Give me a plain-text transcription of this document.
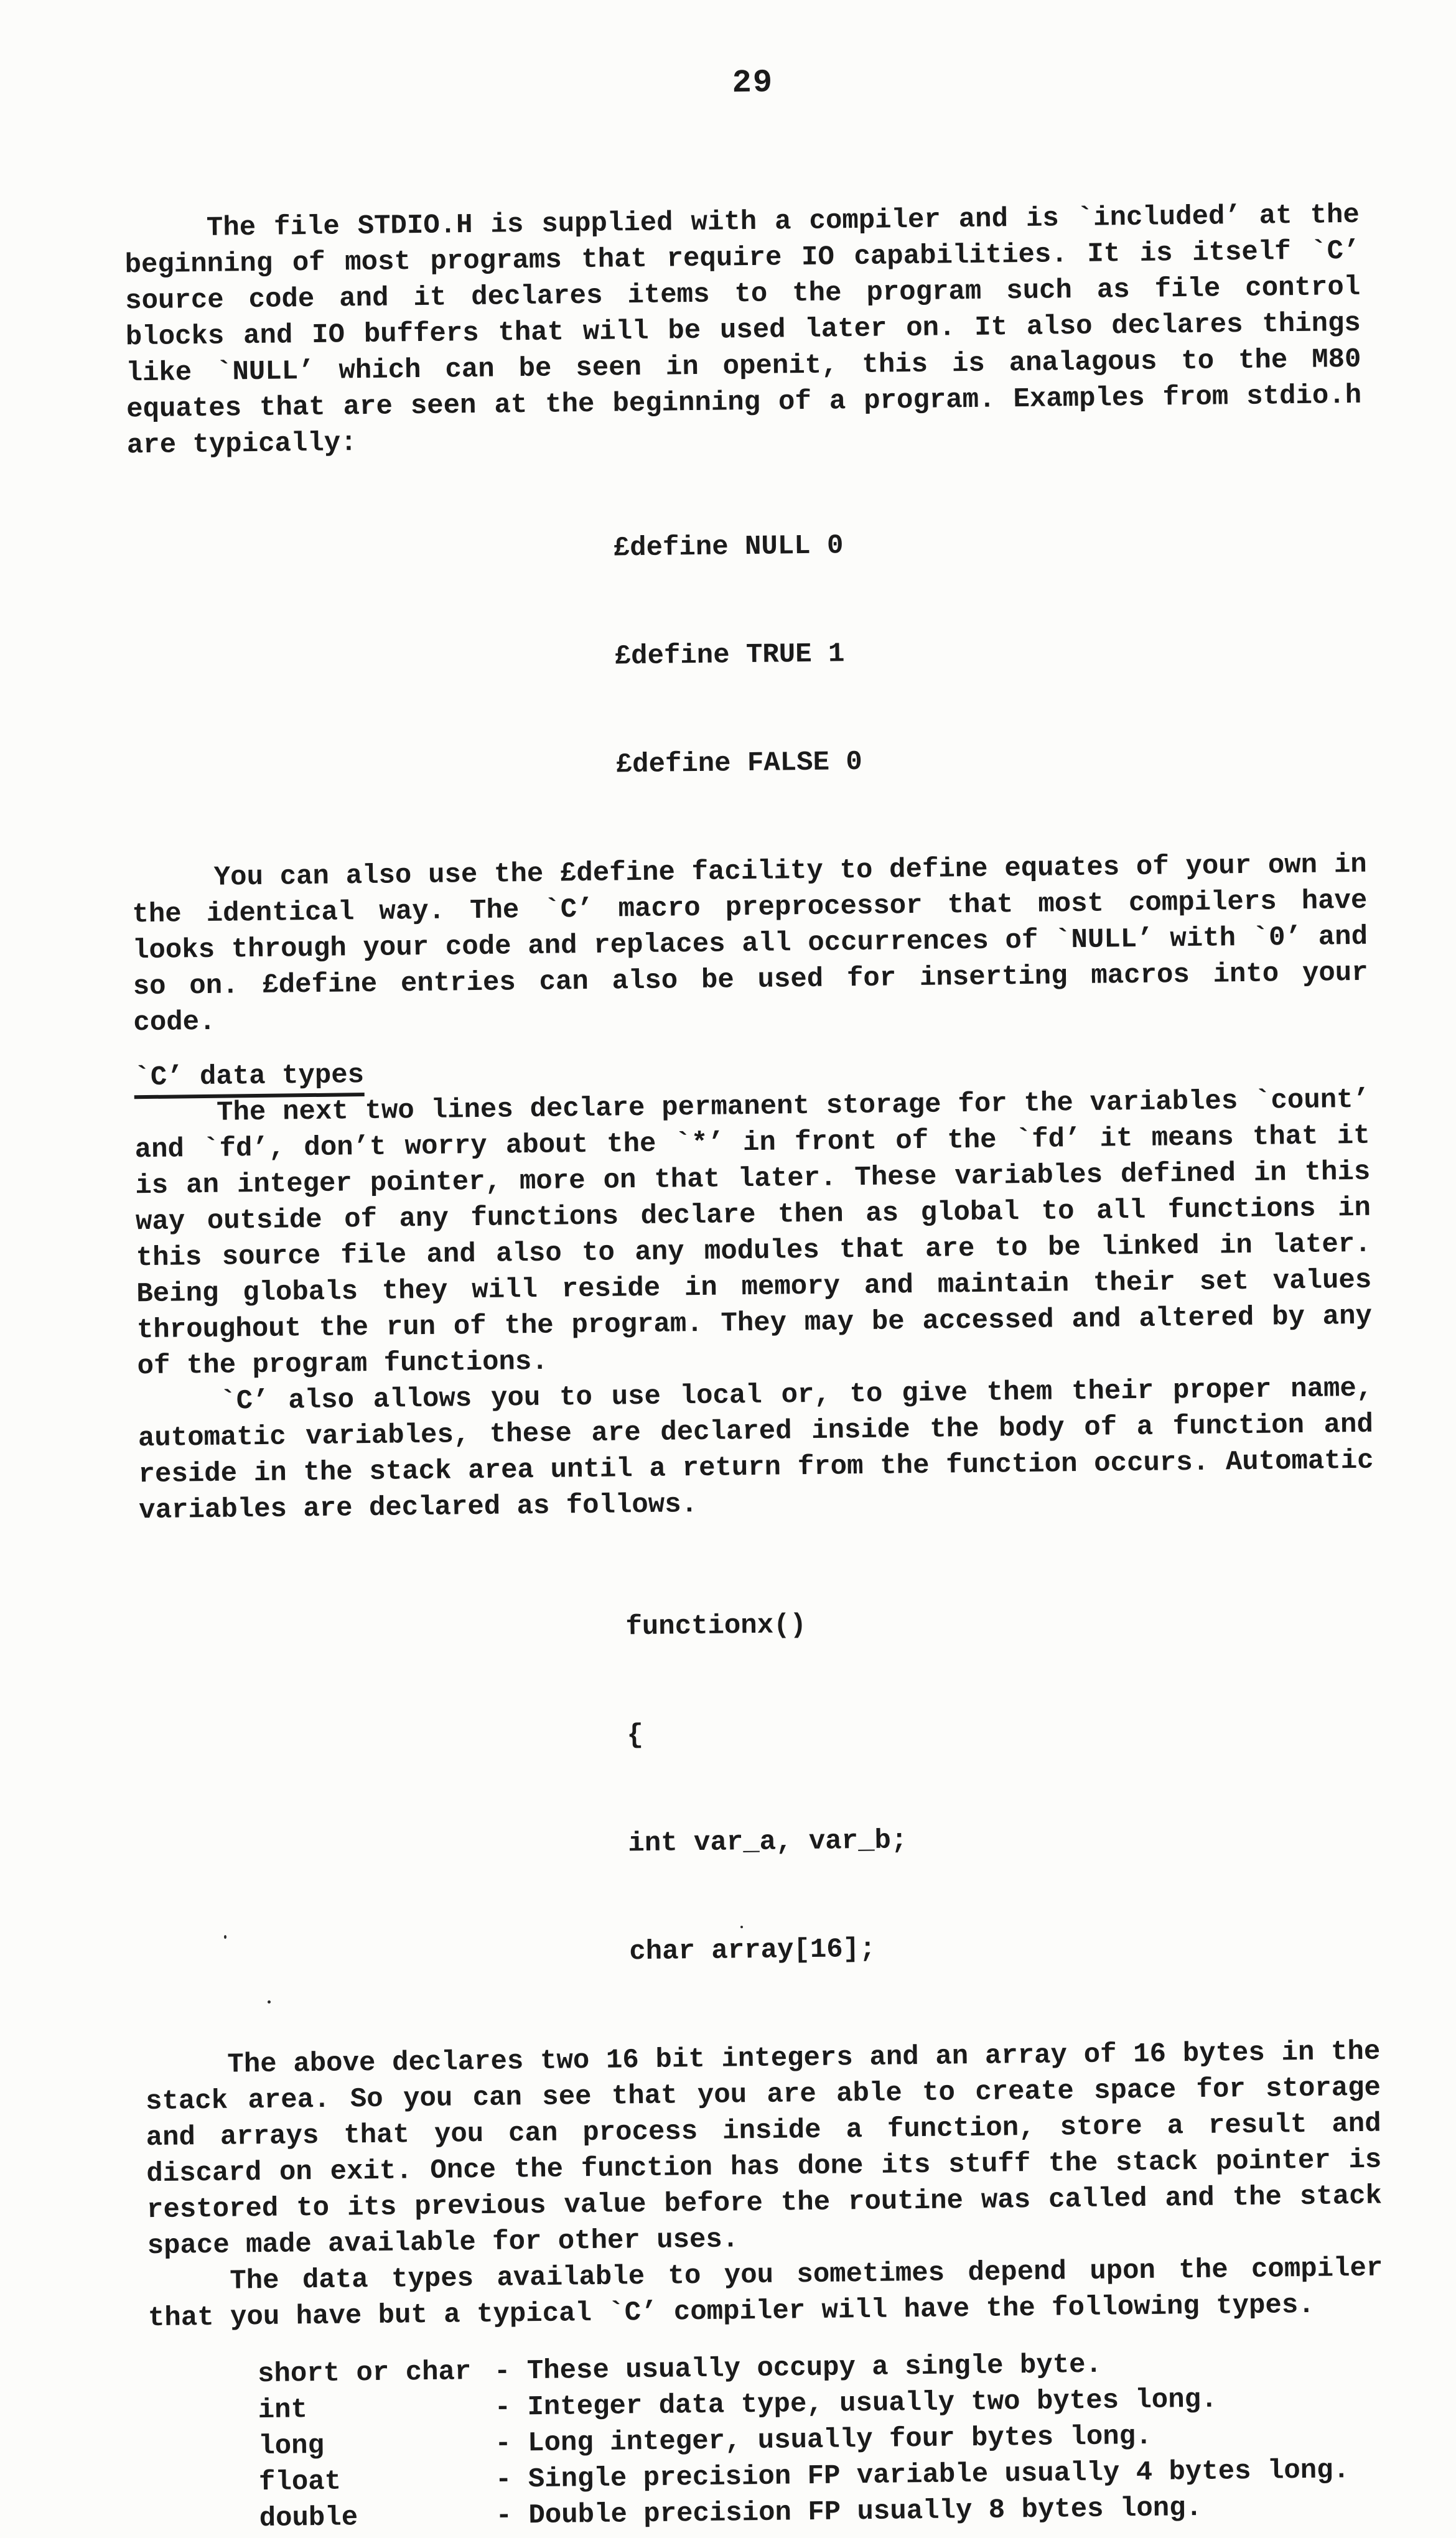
29

The file STDIO.H is supplied with a compiler and is `included’ at the beginning of most programs that require IO capabilities. It is itself `C’ source code and it declares items to the program such as file control blocks and IO buffers that will be used later on. It also declares things like `NULL’ which can be seen in openit, this is analagous to the M80 equates that are seen at the beginning of a program. Examples from stdio.h are typically:

£define NULL 0

£define TRUE 1

£define FALSE 0

You can also use the £define facility to define equates of your own in the identical way. The `C’ macro preprocessor that most compilers have looks through your code and replaces all occurrences of `NULL’ with `0’ and so on. £define entries can also be used for inserting macros into your code.

`C’ data types

The next two lines declare permanent storage for the variables `count’ and `fd’, don’t worry about the `*’ in front of the `fd’ it means that it is an integer pointer, more on that later. These variables defined in this way outside of any functions declare then as global to all functions in this source file and also to any modules that are to be linked in later. Being globals they will reside in memory and maintain their set values throughout the run of the program. They may be accessed and altered by any of the program functions.

`C’ also allows you to use local or, to give them their proper name, automatic variables, these are declared inside the body of a function and reside in the stack area until a return from the function occurs. Automatic variables are declared as follows.

functionx()

{

int var_a, var_b;

char array[16];

The above declares two 16 bit integers and an array of 16 bytes in the stack area. So you can see that you are able to create space for storage and arrays that you can process inside a function, store a result and discard on exit. Once the function has done its stuff the stack pointer is restored to its previous value before the routine was called and the stack space made available for other uses.

The data types available to you sometimes depend upon the compiler that you have but a typical `C’ compiler will have the following types.

short or char - These usually occupy a single byte.
int	- Integer data type, usually two bytes long.
long	- Long integer, usually four bytes long.
float	- Single precision FP variable usually 4 bytes long.
double	- Double precision FP usually 8 bytes long.
